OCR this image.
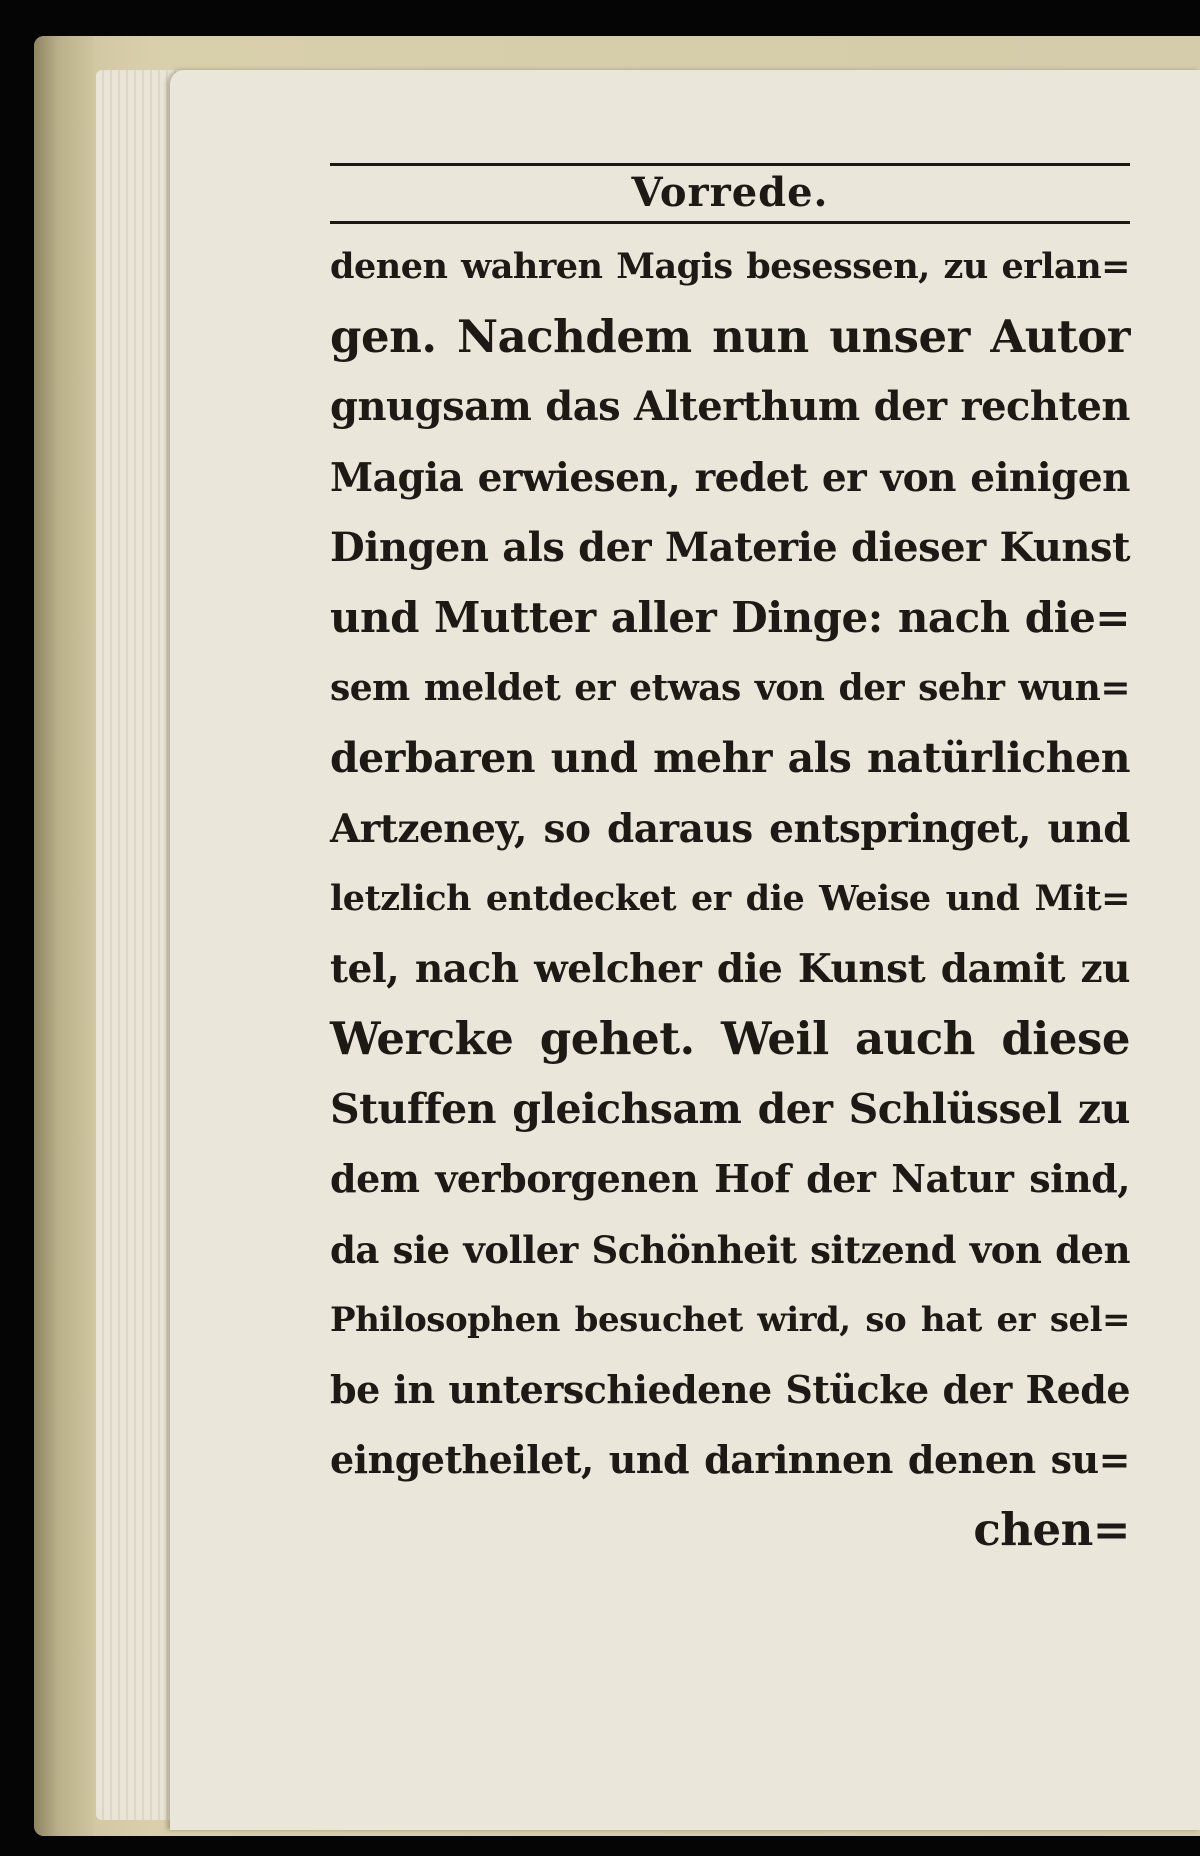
Vorrede.
denen wahren Magis besessen, zu erlan=
gen. Nachdem nun unser Autor
gnugsam das Alterthum der rechten
Magia erwiesen, redet er von einigen
Dingen als der Materie dieser Kunst
und Mutter aller Dinge: nach die=
sem meldet er etwas von der sehr wun=
derbaren und mehr als natürlichen
Artzeney, so daraus entspringet, und
letzlich entdecket er die Weise und Mit=
tel, nach welcher die Kunst damit zu
Wercke gehet. Weil auch diese
Stuffen gleichsam der Schlüssel zu
dem verborgenen Hof der Natur sind,
da sie voller Schönheit sitzend von den
Philosophen besuchet wird, so hat er sel=
be in unterschiedene Stücke der Rede
eingetheilet, und darinnen denen su=
chen=
